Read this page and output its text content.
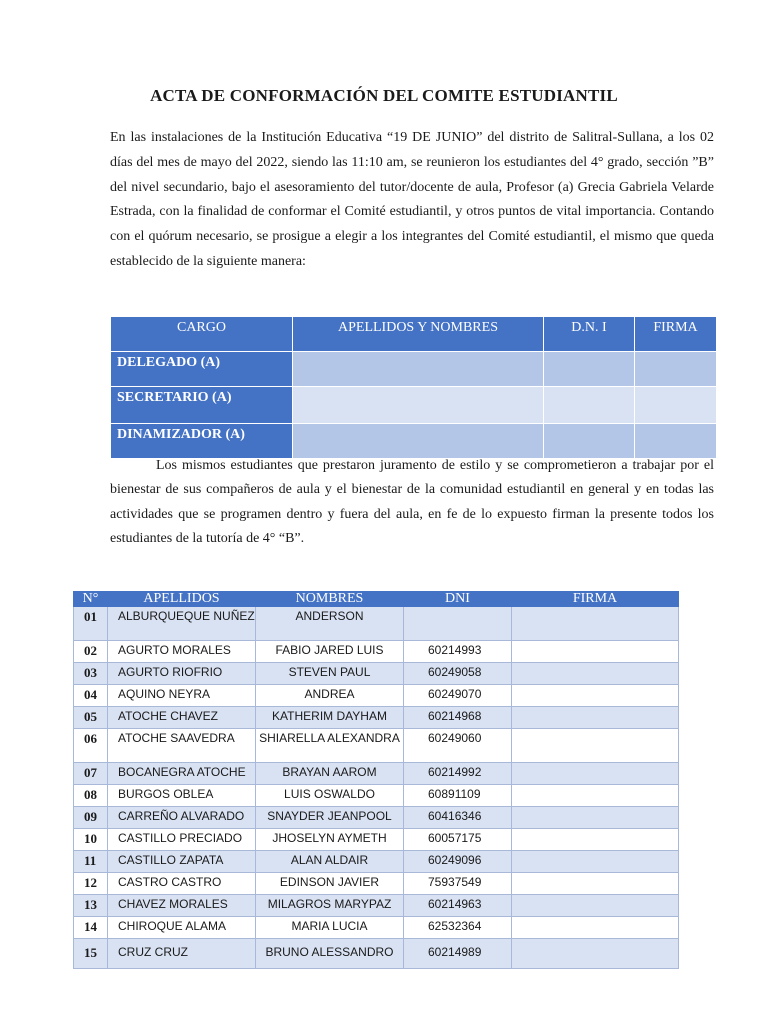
ACTA DE CONFORMACIÓN DEL COMITE ESTUDIANTIL

En las instalaciones de la Institución Educativa “19 DE JUNIO” del distrito de Salitral-Sullana, a los 02 días del mes de mayo del 2022, siendo las 11:10 am, se reunieron los estudiantes del 4° grado, sección ”B” del nivel secundario, bajo el asesoramiento del tutor/docente de aula, Profesor (a) Grecia Gabriela Velarde Estrada, con la finalidad de conformar el Comité estudiantil, y otros puntos de vital importancia. Contando con el quórum necesario, se prosigue a elegir a los integrantes del Comité estudiantil, el mismo que queda establecido de la siguiente manera:

CARGO	APELLIDOS Y NOMBRES	D.N. I	FIRMA
DELEGADO (A)			
SECRETARIO (A)			
DINAMIZADOR (A)			

Los mismos estudiantes que prestaron juramento de estilo y se comprometieron a trabajar por el bienestar de sus compañeros de aula y el bienestar de la comunidad estudiantil en general y en todas las actividades que se programen dentro y fuera del aula, en fe de lo expuesto firman la presente todos los estudiantes de la tutoría de 4° “B”.

N°	APELLIDOS	NOMBRES	DNI	FIRMA
01	ALBURQUEQUE NUÑEZ	ANDERSON		
02	AGURTO MORALES	FABIO JARED LUIS	60214993	
03	AGURTO RIOFRIO	STEVEN PAUL	60249058	
04	AQUINO NEYRA	ANDREA	60249070	
05	ATOCHE CHAVEZ	KATHERIM DAYHAM	60214968	
06	ATOCHE SAAVEDRA	SHIARELLA ALEXANDRA	60249060	
07	BOCANEGRA ATOCHE	BRAYAN AAROM	60214992	
08	BURGOS OBLEA	LUIS OSWALDO	60891109	
09	CARREÑO ALVARADO	SNAYDER JEANPOOL	60416346	
10	CASTILLO PRECIADO	JHOSELYN AYMETH	60057175	
11	CASTILLO ZAPATA	ALAN ALDAIR	60249096	
12	CASTRO CASTRO	EDINSON JAVIER	75937549	
13	CHAVEZ MORALES	MILAGROS MARYPAZ	60214963	
14	CHIROQUE ALAMA	MARIA LUCIA	62532364	
15	CRUZ CRUZ	BRUNO ALESSANDRO	60214989	
